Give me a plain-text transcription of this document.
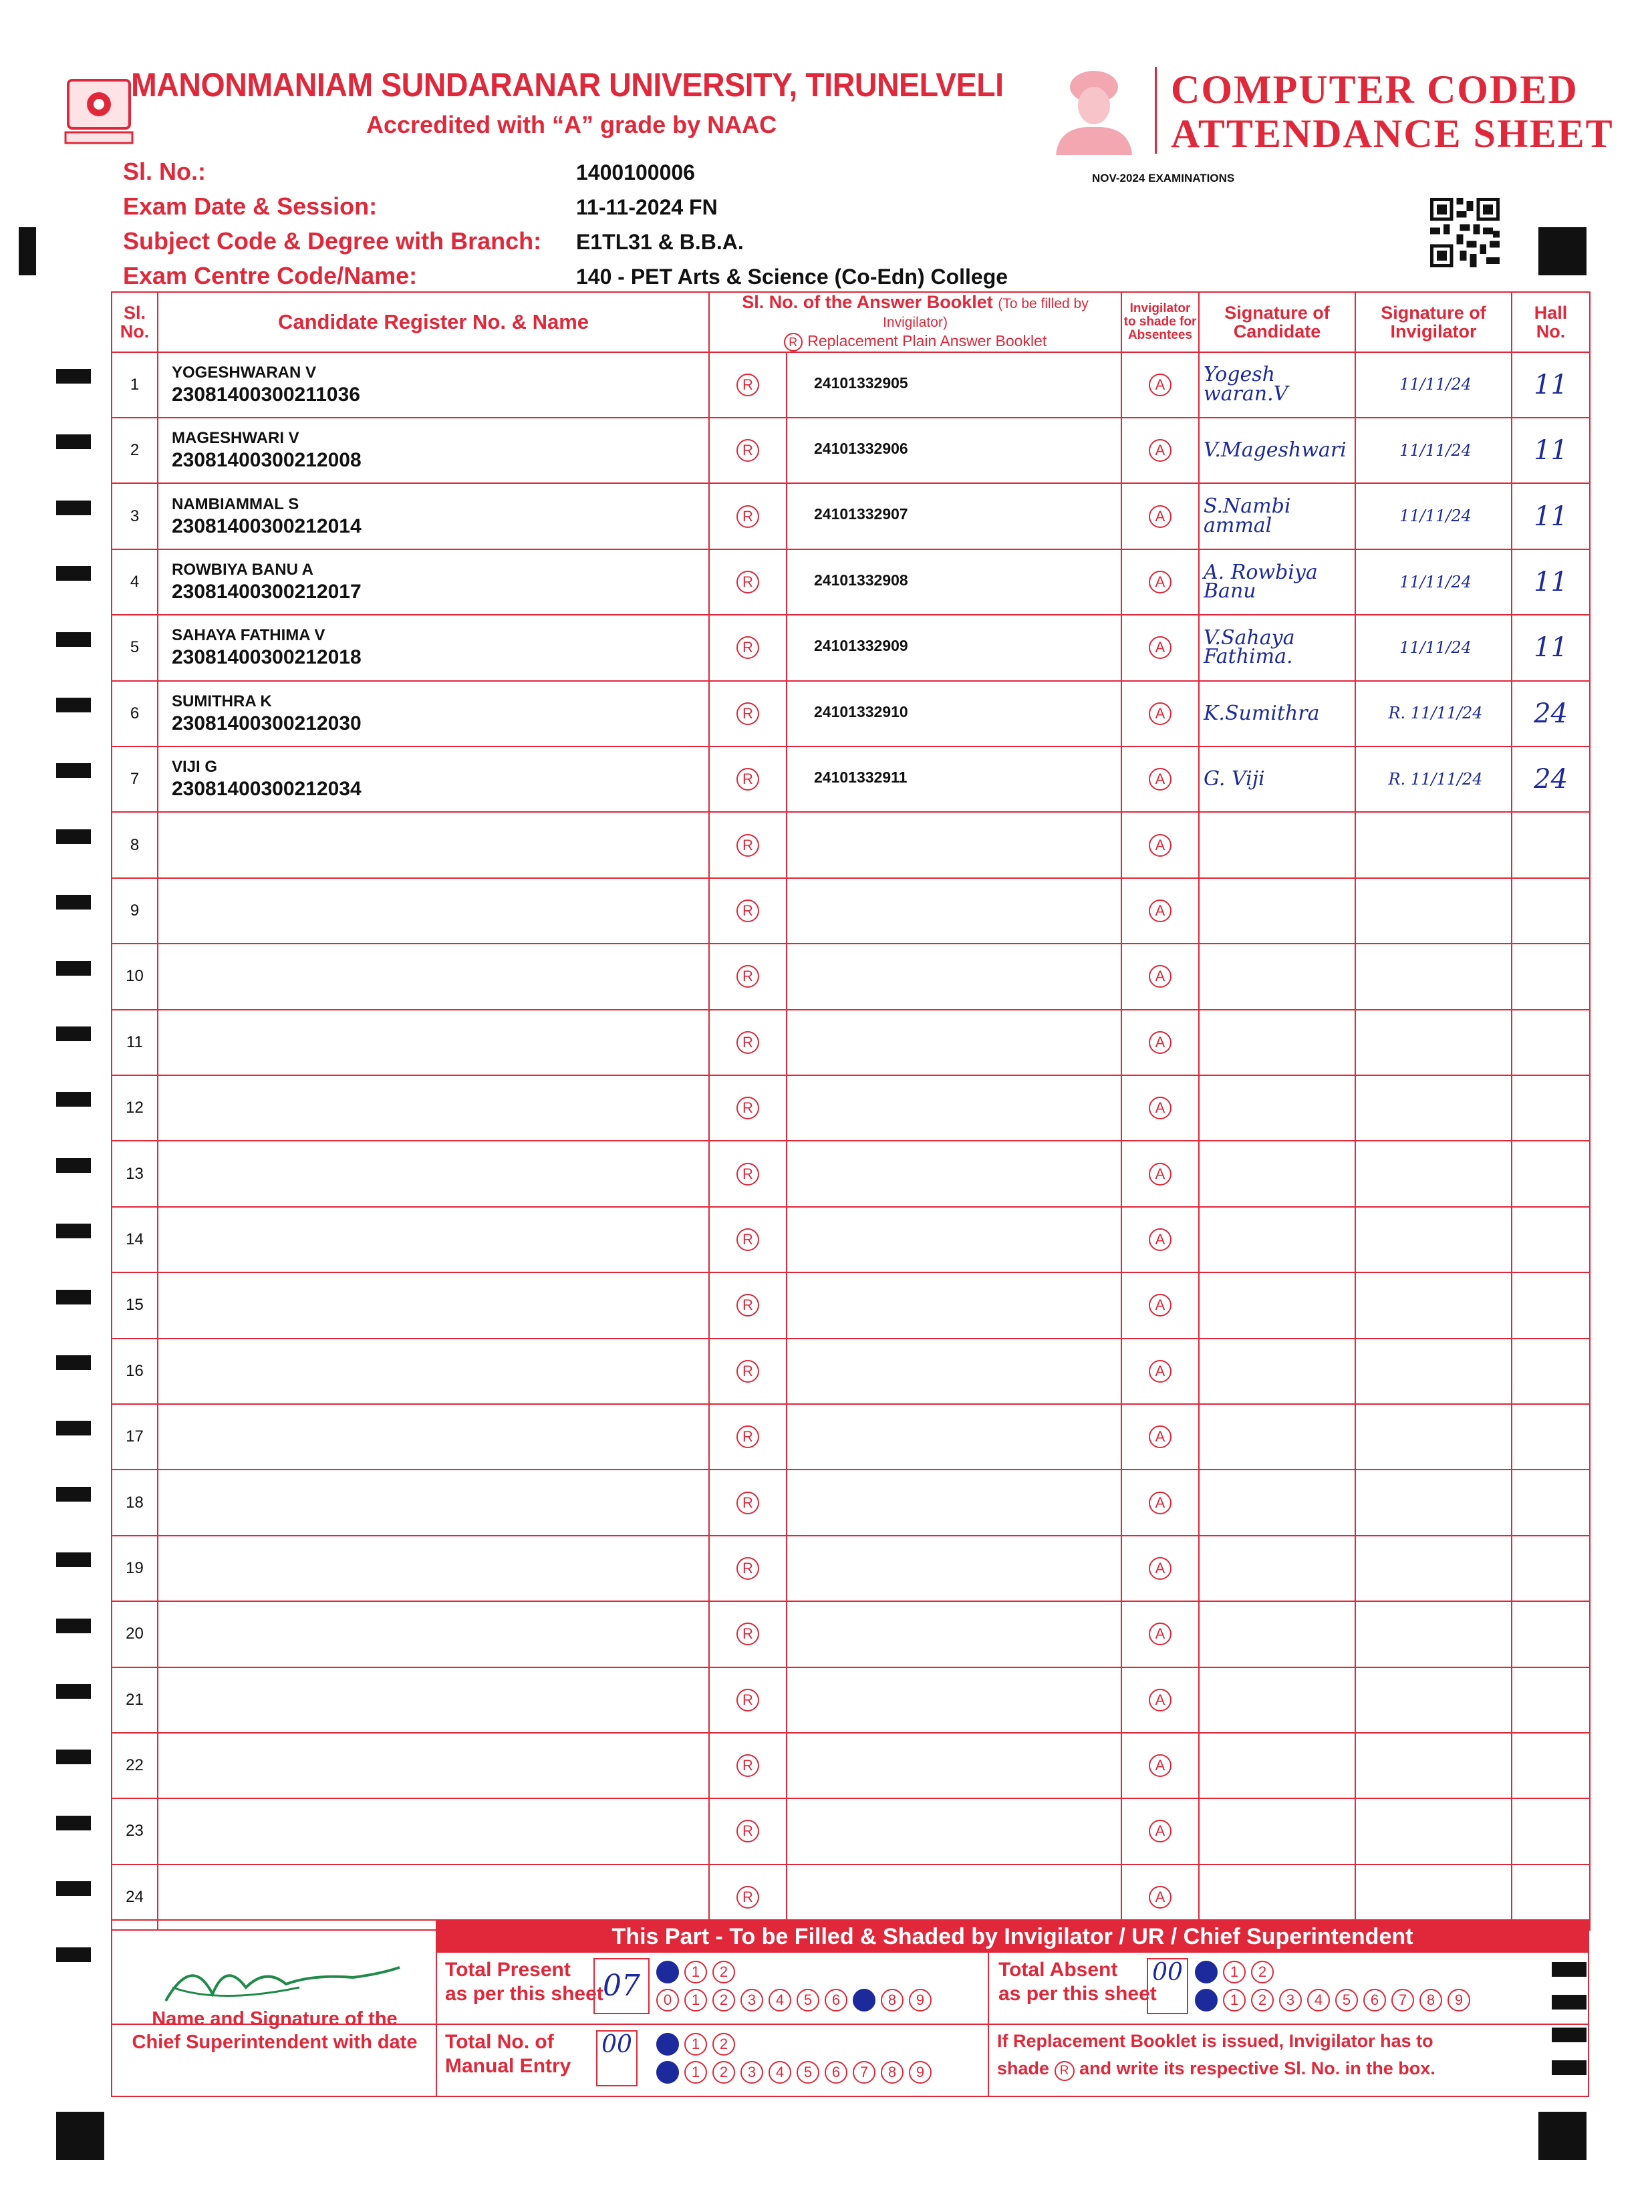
MANONMANIAM SUNDARANAR UNIVERSITY, TIRUNELVELI
Accredited with “A” grade by NAAC
COMPUTER CODED
ATTENDANCE SHEET
Sl. No.:	1400100006
Exam Date & Session:	11-11-2024 FN
Subject Code & Degree with Branch: E1TL31 & B.B.A.
Exam Centre Code/Name:	140 - PET Arts & Science (Co-Edn) College
NOV-2024 EXAMINATIONS
Sl.
No.	Candidate Register No. & Name	Sl. No. of the Answer Booklet (To be filled by Invigilator)
R Replacement Plain Answer Booklet		Invigilator
to shade for
Absentees	Signature of
Candidate	Signature of
Invigilator	Hall
No.
1	YOGESHWARAN V
23081400300211036	R	24101332905	A	Yogesh waran.V	11/11/24	11
2	MAGESHWARI V
23081400300212008	R	24101332906	A	V.Mageshwari	11/11/24	11
3	NAMBIAMMAL S
23081400300212014	R	24101332907	A	S.Nambi ammal	11/11/24	11
4	ROWBIYA BANU A
23081400300212017	R	24101332908	A	A. Rowbiya Banu	11/11/24	11
5	SAHAYA FATHIMA V
23081400300212018	R	24101332909	A	V.Sahaya Fathima.	11/11/24	11
6	SUMITHRA K
23081400300212030	R	24101332910	A	K.Sumithra	R. 11/11/24	24
7	VIJI G
23081400300212034	R	24101332911	A	G. Viji	R. 11/11/24	24
8		R		A			
9		R		A			
10		R		A			
11		R		A			
12		R		A			
13		R		A			
14		R		A			
15		R		A			
16		R		A			
17		R		A			
18		R		A			
19		R		A			
20		R		A			
21		R		A			
22		R		A			
23		R		A			
24		R		A			
This Part - To be Filled & Shaded by Invigilator / UR / Chief Superintendent
Name and Signature of the
Chief Superintendent with date
Total Present
as per this sheet 07	0	1	2
0	1	2	3	4	5	6	7	8	9
Total Absent
as per this sheet
00	0	1	2
0	1	2	3	4	5	6	7	8	9
Total No. of
Manual Entry
00	0	1	2
0	1	2	3	4	5	6	7	8	9
If Replacement Booklet is issued, Invigilator has to
shade R and write its respective Sl. No. in the box.
